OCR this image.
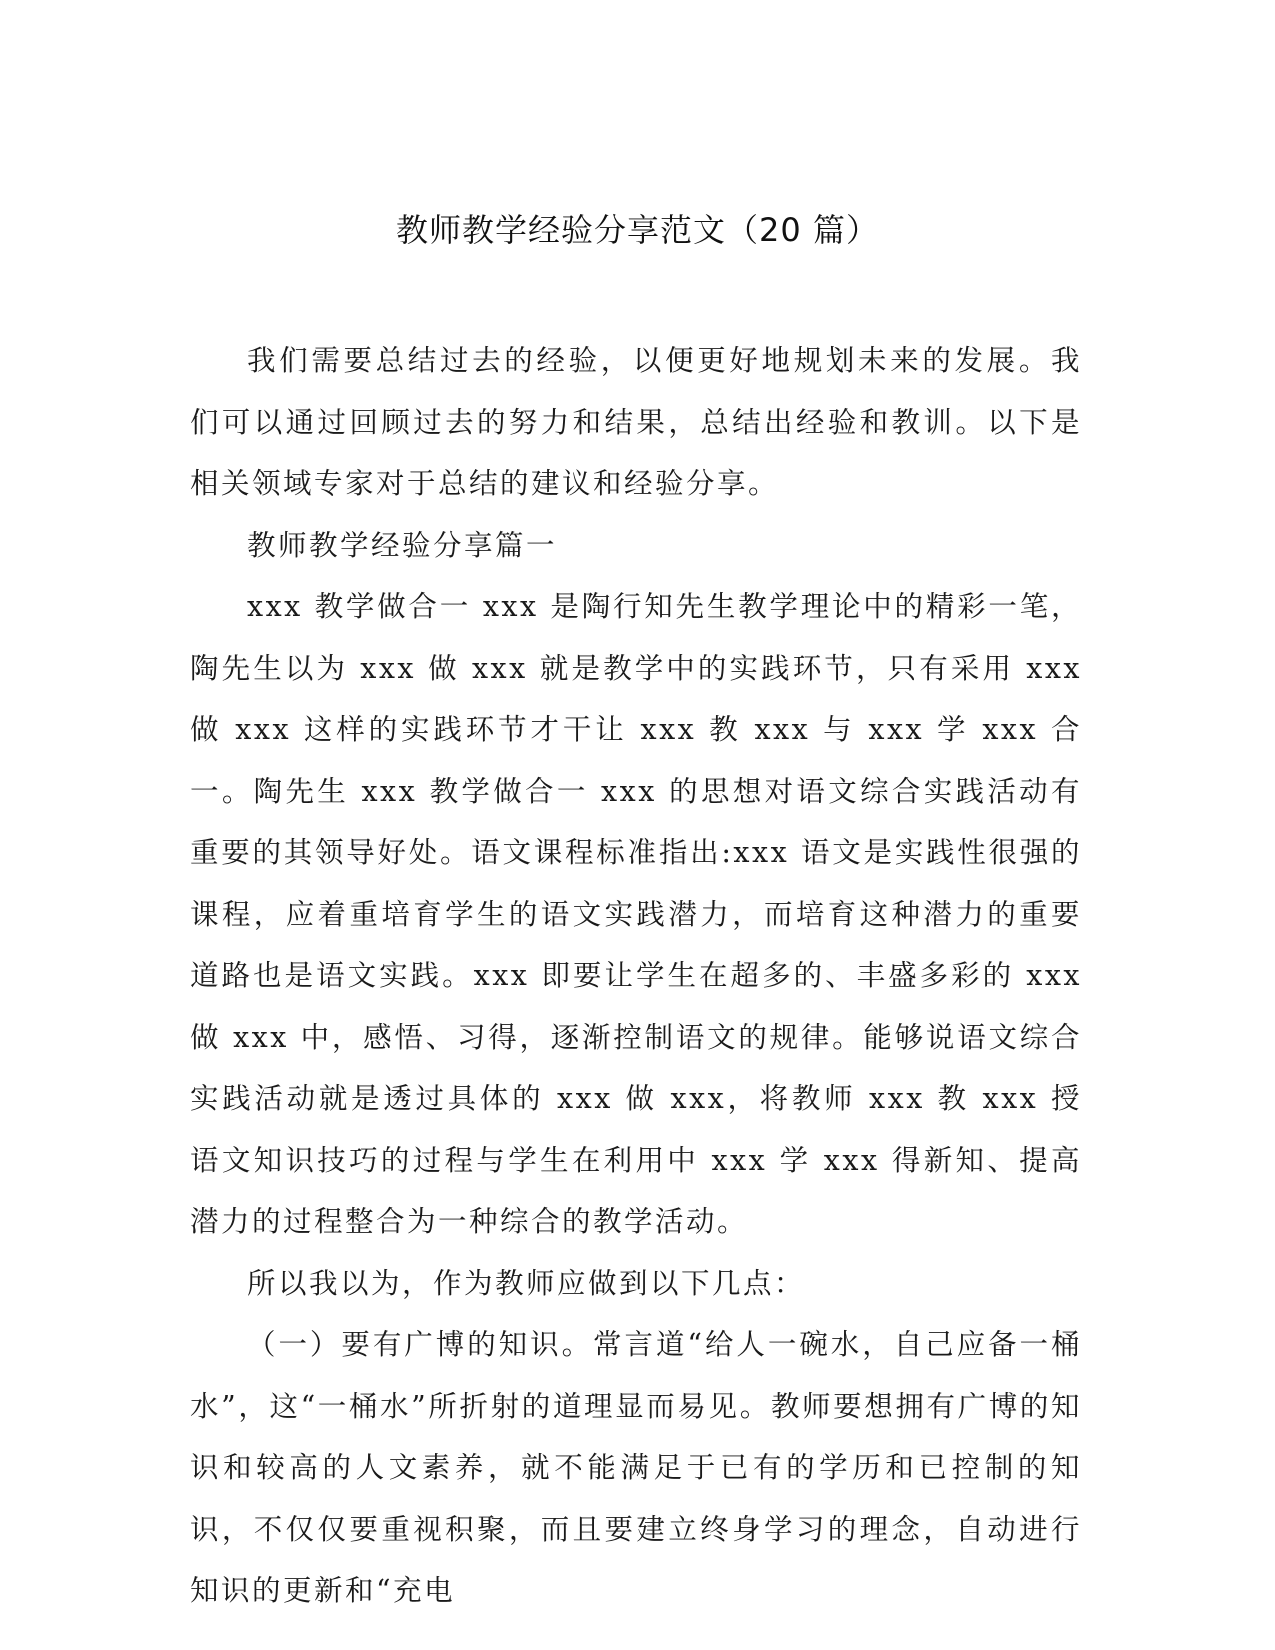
教师教学经验分享范文（20 篇）

我们需要总结过去的经验，以便更好地规划未来的发展。我们可以通过回顾过去的努力和结果，总结出经验和教训。以下是相关领域专家对于总结的建议和经验分享。

教师教学经验分享篇一

xxx 教学做合一 xxx 是陶行知先生教学理论中的精彩一笔，陶先生以为 xxx 做 xxx 就是教学中的实践环节，只有采用 xxx 做 xxx 这样的实践环节才干让 xxx 教 xxx 与 xxx 学 xxx 合一。陶先生 xxx 教学做合一 xxx 的思想对语文综合实践活动有重要的其领导好处。语文课程标准指出:xxx 语文是实践性很强的课程，应着重培育学生的语文实践潜力，而培育这种潜力的重要道路也是语文实践。xxx 即要让学生在超多的、丰盛多彩的 xxx 做 xxx 中，感悟、习得，逐渐控制语文的规律。能够说语文综合实践活动就是透过具体的 xxx 做 xxx，将教师 xxx 教 xxx 授语文知识技巧的过程与学生在利用中 xxx 学 xxx 得新知、提高潜力的过程整合为一种综合的教学活动。

所以我以为，作为教师应做到以下几点：

（一）要有广博的知识。常言道“给人一碗水，自己应备一桶水”，这“一桶水”所折射的道理显而易见。教师要想拥有广博的知识和较高的人文素养，就不能满足于已有的学历和已控制的知识，不仅仅要重视积聚，而且要建立终身学习的理念，自动进行知识的更新和“充电
